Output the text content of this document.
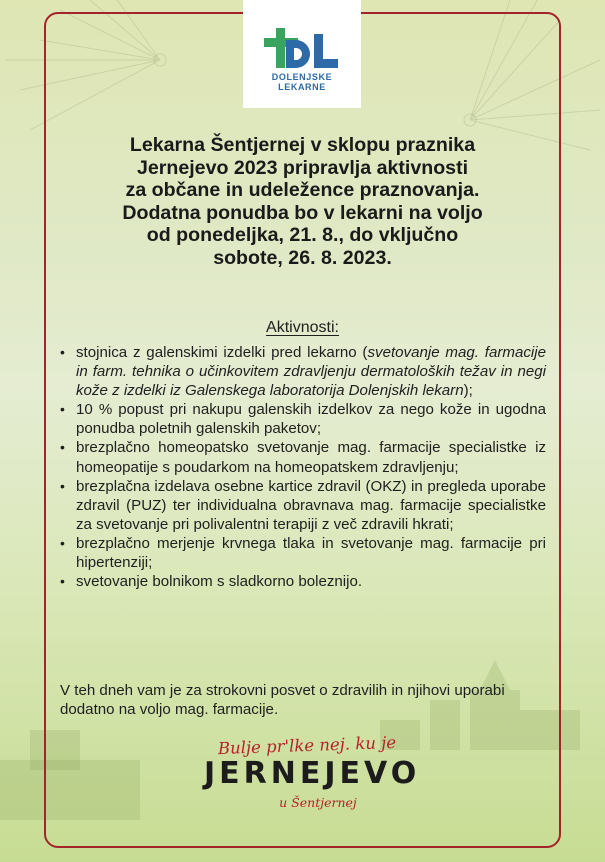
DOLENJSKE
LEKARNE

Lekarna Šentjernej v sklopu praznika

Jernejevo 2023 pripravlja aktivnosti

za občane in udeležence praznovanja.

Dodatna ponudba bo v lekarni na voljo

od ponedeljka, 21. 8., do vključno

sobote, 26. 8. 2023.

Aktivnosti:
• stojnica z galenskimi izdelki pred lekarno (svetovanje mag. farmacije in farm. tehnika o učinkovitem zdravljenju dermatoloških težav in negi kože z izdelki iz Galenskega laboratorija Dolenjskih lekarn);
• 10 % popust pri nakupu galenskih izdelkov za nego kože in ugodna ponudba poletnih galenskih paketov;
• brezplačno homeopatsko svetovanje mag. farmacije specialistke iz homeopatije s poudarkom na homeopatskem zdravljenju;
• brezplačna izdelava osebne kartice zdravil (OKZ) in pregleda uporabe zdravil (PUZ) ter individualna obravnava mag. farmacije specialistke za svetovanje pri polivalentni terapiji z več zdravili hkrati;
• brezplačno merjenje krvnega tlaka in svetovanje mag. farmacije pri hipertenziji;
• svetovanje bolnikom s sladkorno boleznijo.

V teh dneh vam je za strokovni posvet o zdravilih in njihovi uporabi dodatno na voljo mag. farmacije.

Bulje pr'lke nej. ku je
JERNEJEVO
u Šentjernej
